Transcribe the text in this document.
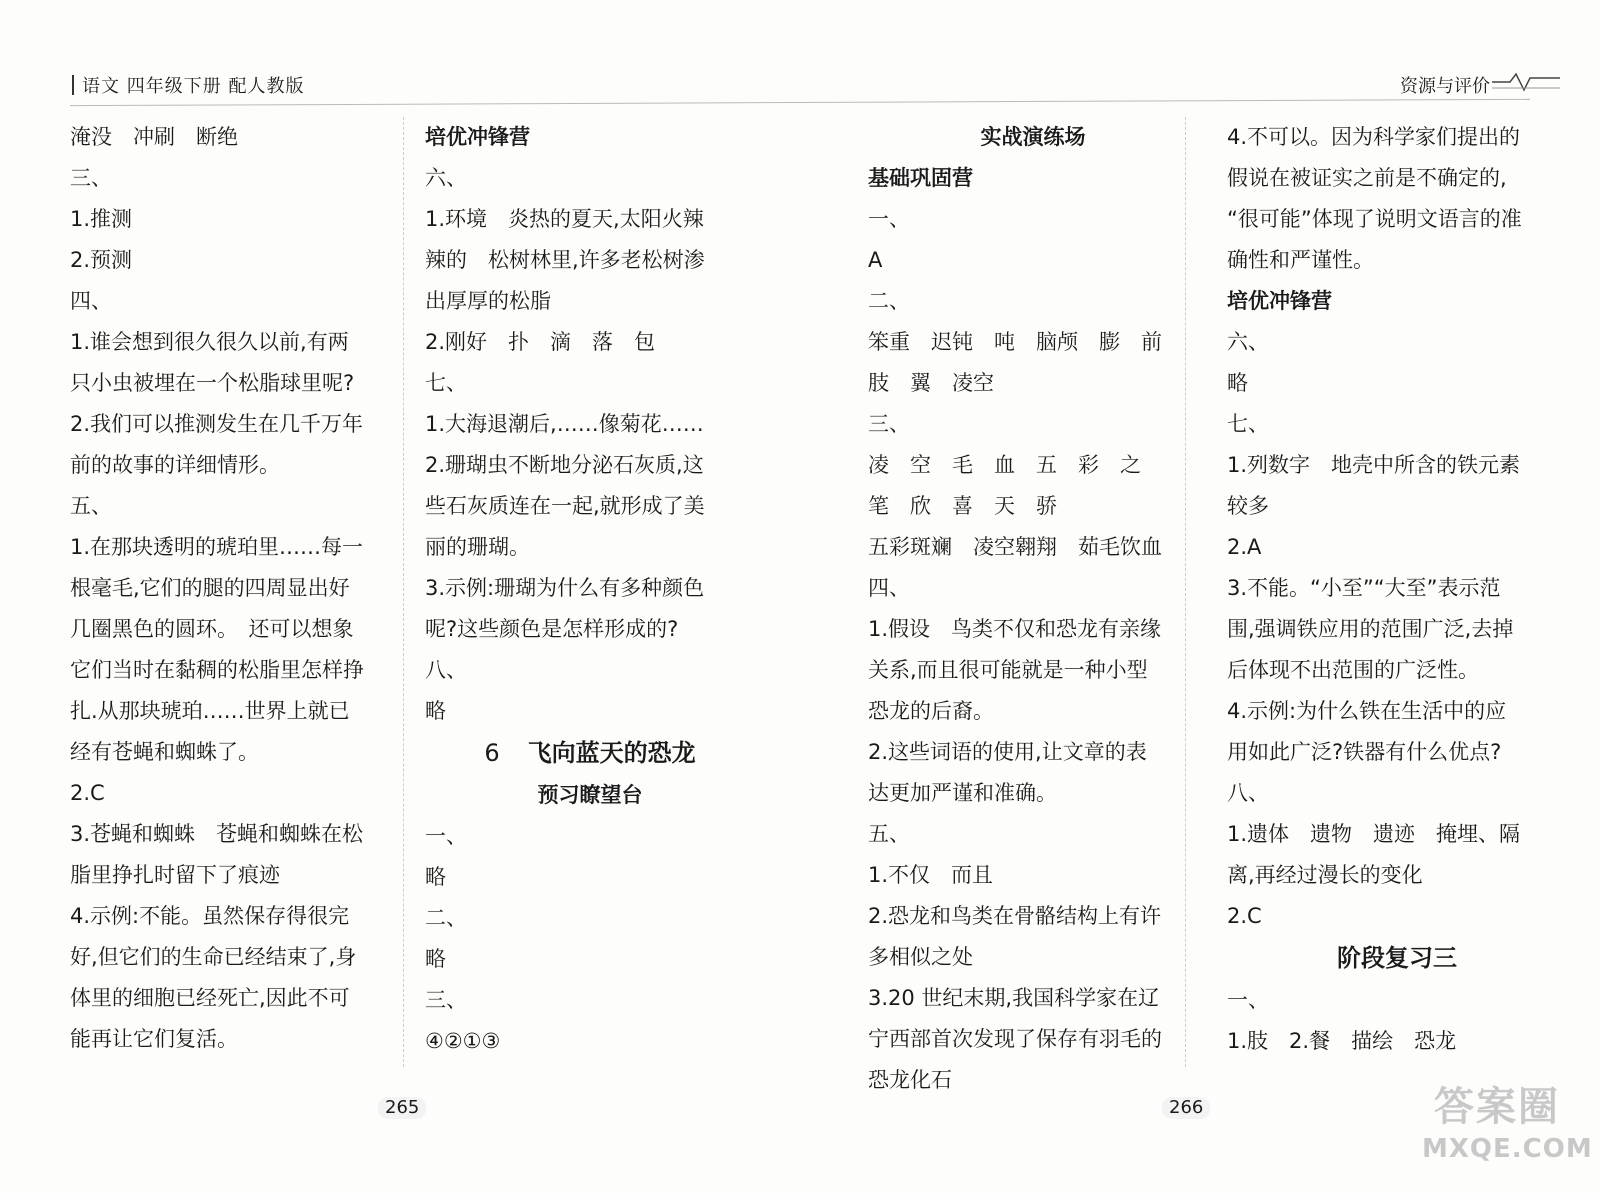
语文 四年级下册 配人教版	资源与评价
淹没　冲刷　断绝
三、
1.推测
2.预测
四、
1.谁会想到很久很久以前,有两
只小虫被埋在一个松脂球里呢?
2.我们可以推测发生在几千万年
前的故事的详细情形。
五、
1.在那块透明的琥珀里……每一
根毫毛,它们的腿的四周显出好
几圈黑色的圆环。　还可以想象
它们当时在黏稠的松脂里怎样挣
扎.从那块琥珀……世界上就已
经有苍蝇和蜘蛛了。
2.C
3.苍蝇和蜘蛛　苍蝇和蜘蛛在松
脂里挣扎时留下了痕迹
4.示例:不能。虽然保存得很完
好,但它们的生命已经结束了,身
体里的细胞已经死亡,因此不可
能再让它们复活。
培优冲锋营
六、
1.环境　炎热的夏天,太阳火辣
辣的　松树林里,许多老松树渗
出厚厚的松脂
2.刚好　扑　滴　落　包
七、
1.大海退潮后,……像菊花……
2.珊瑚虫不断地分泌石灰质,这
些石灰质连在一起,就形成了美
丽的珊瑚。
3.示例:珊瑚为什么有多种颜色
呢?这些颜色是怎样形成的?
八、
略
6 飞向蓝天的恐龙
预习瞭望台
一、
略
二、
略
三、
④②①③
实战演练场
基础巩固营
一、
A
二、
笨重　迟钝　吨　脑颅　膨　前
肢　翼　凌空
三、
凌　空　毛　血　五　彩　之
笔　欣　喜　天　骄
五彩斑斓　凌空翱翔　茹毛饮血
四、
1.假设　鸟类不仅和恐龙有亲缘
关系,而且很可能就是一种小型
恐龙的后裔。
2.这些词语的使用,让文章的表
达更加严谨和准确。
五、
1.不仅　而且
2.恐龙和鸟类在骨骼结构上有许
多相似之处
3.20 世纪末期,我国科学家在辽
宁西部首次发现了保存有羽毛的
恐龙化石
4.不可以。因为科学家们提出的
假说在被证实之前是不确定的,
“很可能”体现了说明文语言的准
确性和严谨性。
培优冲锋营
六、
略
七、
1.列数字　地壳中所含的铁元素
较多
2.A
3.不能。“小至”“大至”表示范
围,强调铁应用的范围广泛,去掉
后体现不出范围的广泛性。
4.示例:为什么铁在生活中的应
用如此广泛?铁器有什么优点?
八、
1.遗体　遗物　遗迹　掩埋、隔
离,再经过漫长的变化
2.C
阶段复习三
一、
1.肢　2.餐　描绘　恐龙
265	266	答案圈
MXQE.COM
